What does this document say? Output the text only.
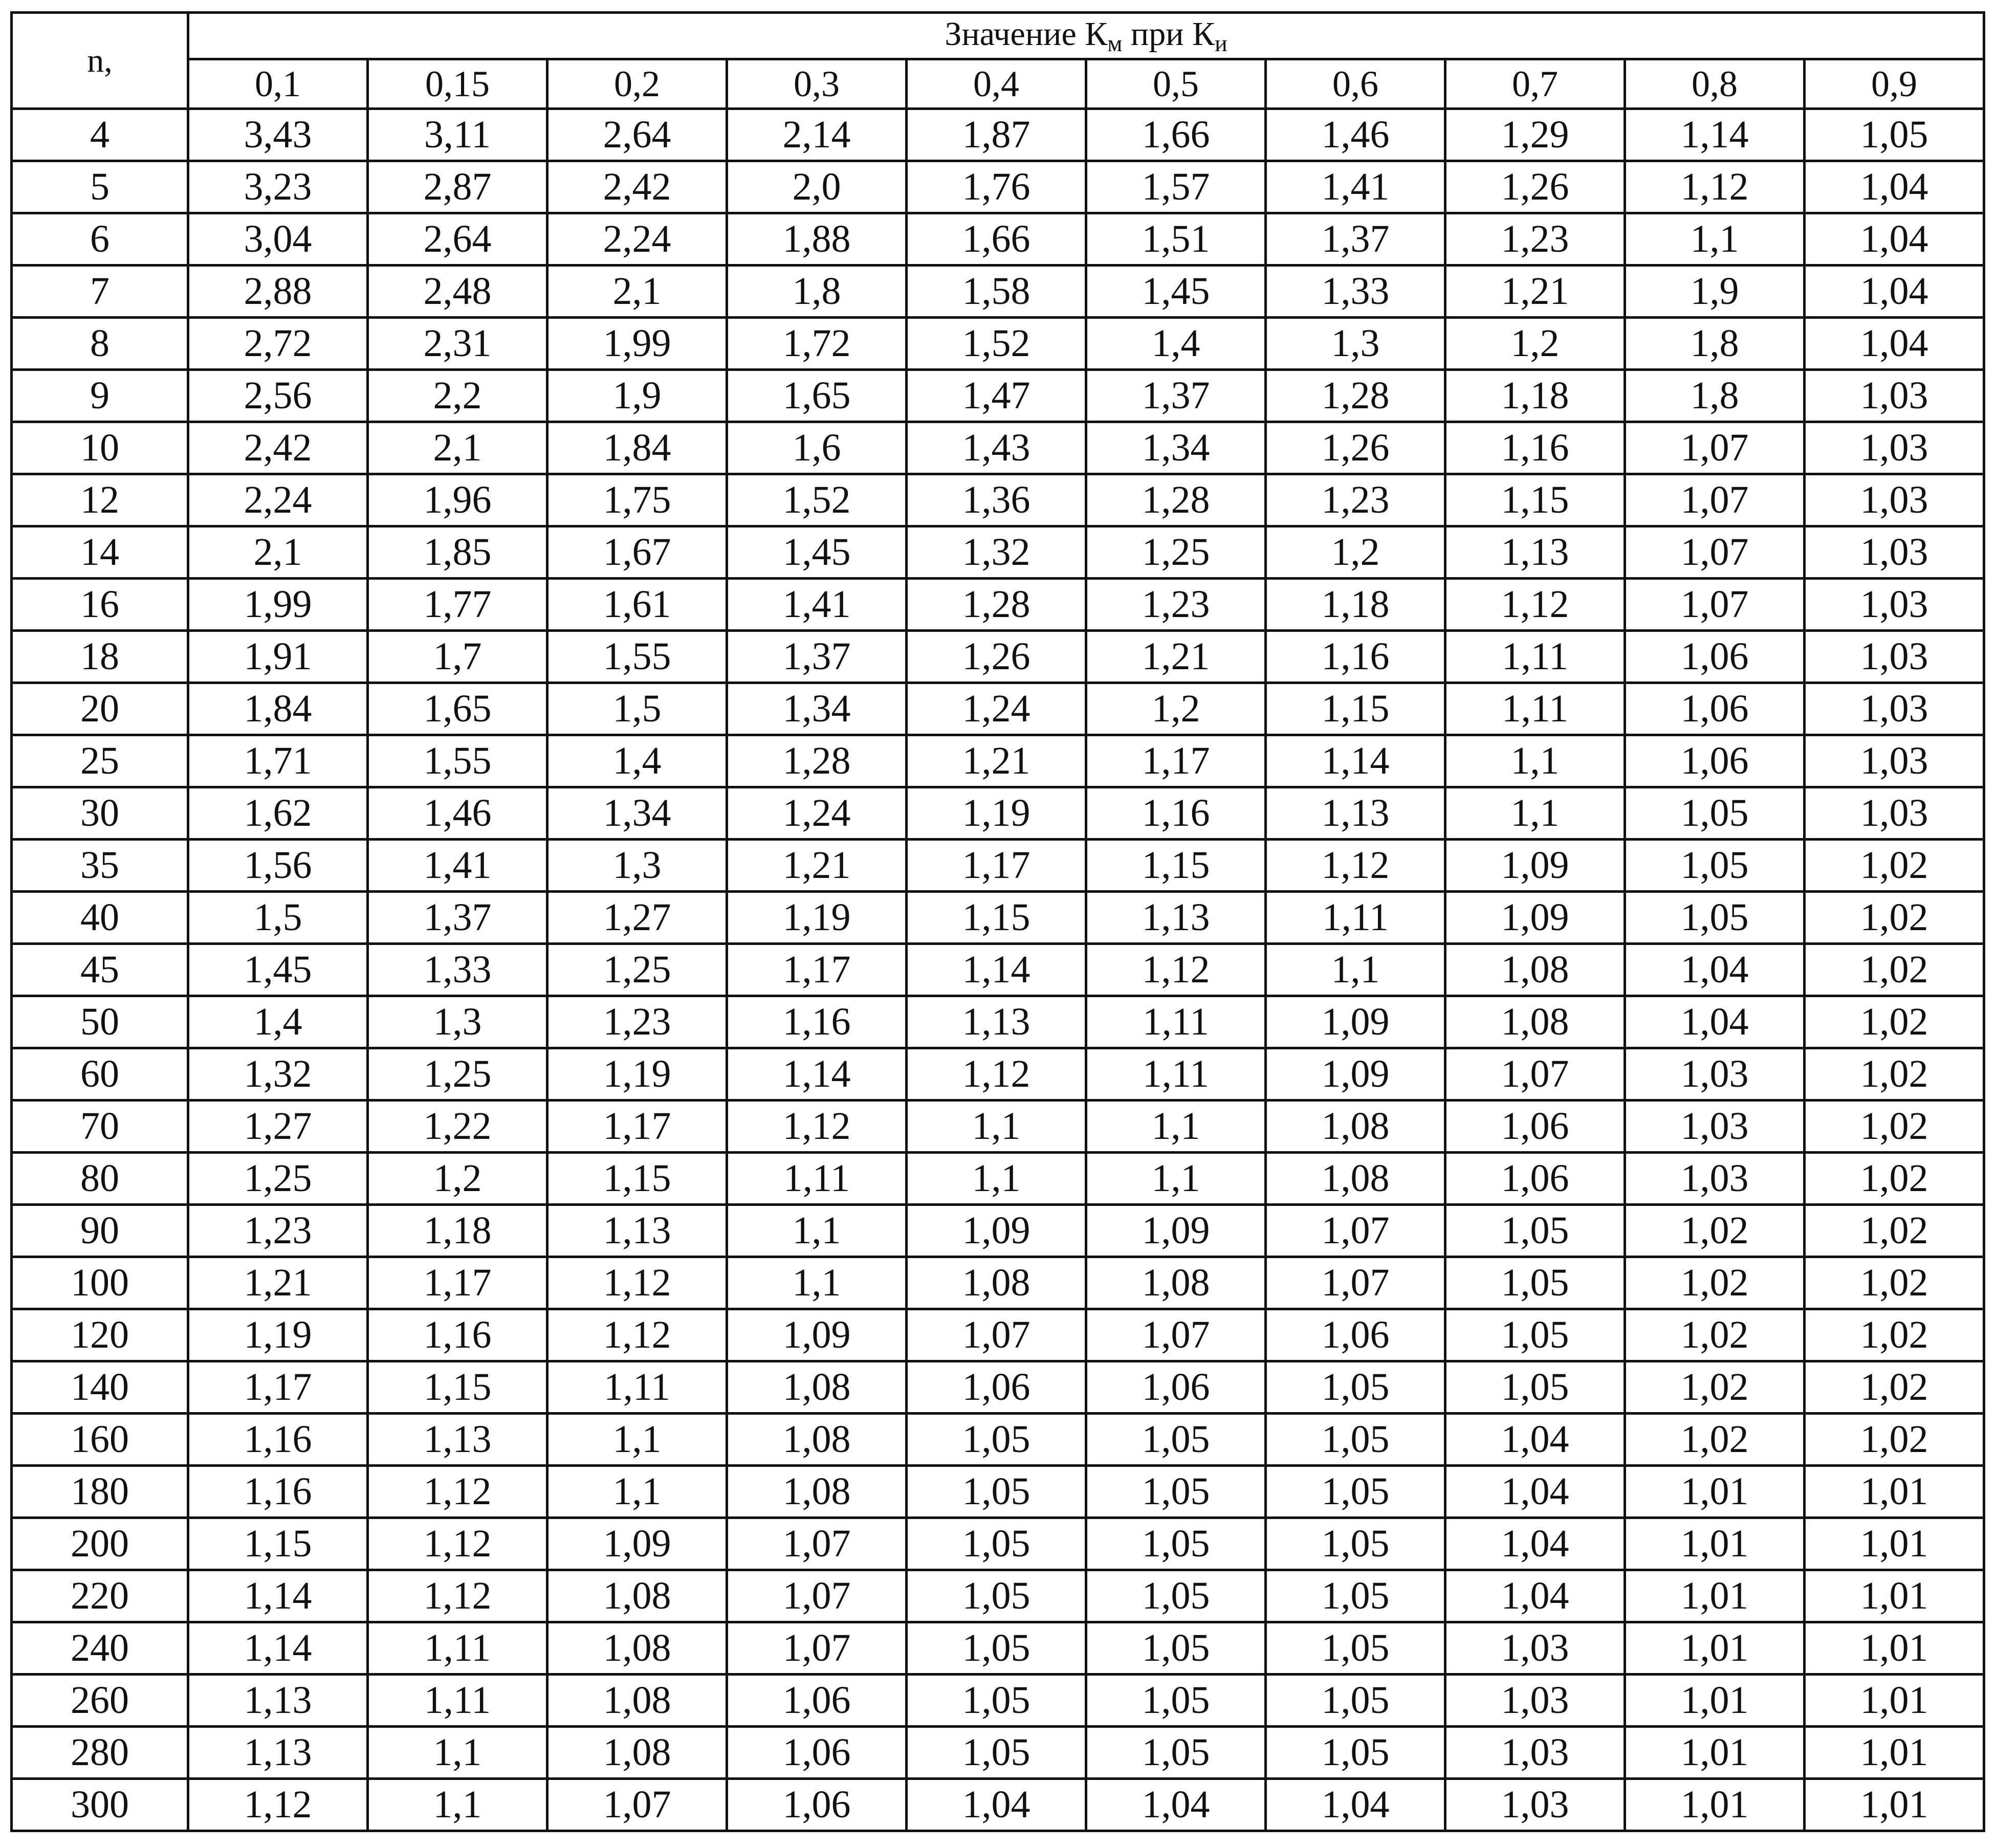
n,	Значение $К_м$ при $К_и$
	0,1	0,15	0,2	0,3	0,4	0,5	0,6	0,7	0,8	0,9
4	3,43	3,11	2,64	2,14	1,87	1,66	1,46	1,29	1,14	1,05
5	3,23	2,87	2,42	2,0	1,76	1,57	1,41	1,26	1,12	1,04
6	3,04	2,64	2,24	1,88	1,66	1,51	1,37	1,23	1,1	1,04
7	2,88	2,48	2,1	1,8	1,58	1,45	1,33	1,21	1,9	1,04
8	2,72	2,31	1,99	1,72	1,52	1,4	1,3	1,2	1,8	1,04
9	2,56	2,2	1,9	1,65	1,47	1,37	1,28	1,18	1,8	1,03
10	2,42	2,1	1,84	1,6	1,43	1,34	1,26	1,16	1,07	1,03
12	2,24	1,96	1,75	1,52	1,36	1,28	1,23	1,15	1,07	1,03
14	2,1	1,85	1,67	1,45	1,32	1,25	1,2	1,13	1,07	1,03
16	1,99	1,77	1,61	1,41	1,28	1,23	1,18	1,12	1,07	1,03
18	1,91	1,7	1,55	1,37	1,26	1,21	1,16	1,11	1,06	1,03
20	1,84	1,65	1,5	1,34	1,24	1,2	1,15	1,11	1,06	1,03
25	1,71	1,55	1,4	1,28	1,21	1,17	1,14	1,1	1,06	1,03
30	1,62	1,46	1,34	1,24	1,19	1,16	1,13	1,1	1,05	1,03
35	1,56	1,41	1,3	1,21	1,17	1,15	1,12	1,09	1,05	1,02
40	1,5	1,37	1,27	1,19	1,15	1,13	1,11	1,09	1,05	1,02
45	1,45	1,33	1,25	1,17	1,14	1,12	1,1	1,08	1,04	1,02
50	1,4	1,3	1,23	1,16	1,13	1,11	1,09	1,08	1,04	1,02
60	1,32	1,25	1,19	1,14	1,12	1,11	1,09	1,07	1,03	1,02
70	1,27	1,22	1,17	1,12	1,1	1,1	1,08	1,06	1,03	1,02
80	1,25	1,2	1,15	1,11	1,1	1,1	1,08	1,06	1,03	1,02
90	1,23	1,18	1,13	1,1	1,09	1,09	1,07	1,05	1,02	1,02
100	1,21	1,17	1,12	1,1	1,08	1,08	1,07	1,05	1,02	1,02
120	1,19	1,16	1,12	1,09	1,07	1,07	1,06	1,05	1,02	1,02
140	1,17	1,15	1,11	1,08	1,06	1,06	1,05	1,05	1,02	1,02
160	1,16	1,13	1,1	1,08	1,05	1,05	1,05	1,04	1,02	1,02
180	1,16	1,12	1,1	1,08	1,05	1,05	1,05	1,04	1,01	1,01
200	1,15	1,12	1,09	1,07	1,05	1,05	1,05	1,04	1,01	1,01
220	1,14	1,12	1,08	1,07	1,05	1,05	1,05	1,04	1,01	1,01
240	1,14	1,11	1,08	1,07	1,05	1,05	1,05	1,03	1,01	1,01
260	1,13	1,11	1,08	1,06	1,05	1,05	1,05	1,03	1,01	1,01
280	1,13	1,1	1,08	1,06	1,05	1,05	1,05	1,03	1,01	1,01
300	1,12	1,1	1,07	1,06	1,04	1,04	1,04	1,03	1,01	1,01
